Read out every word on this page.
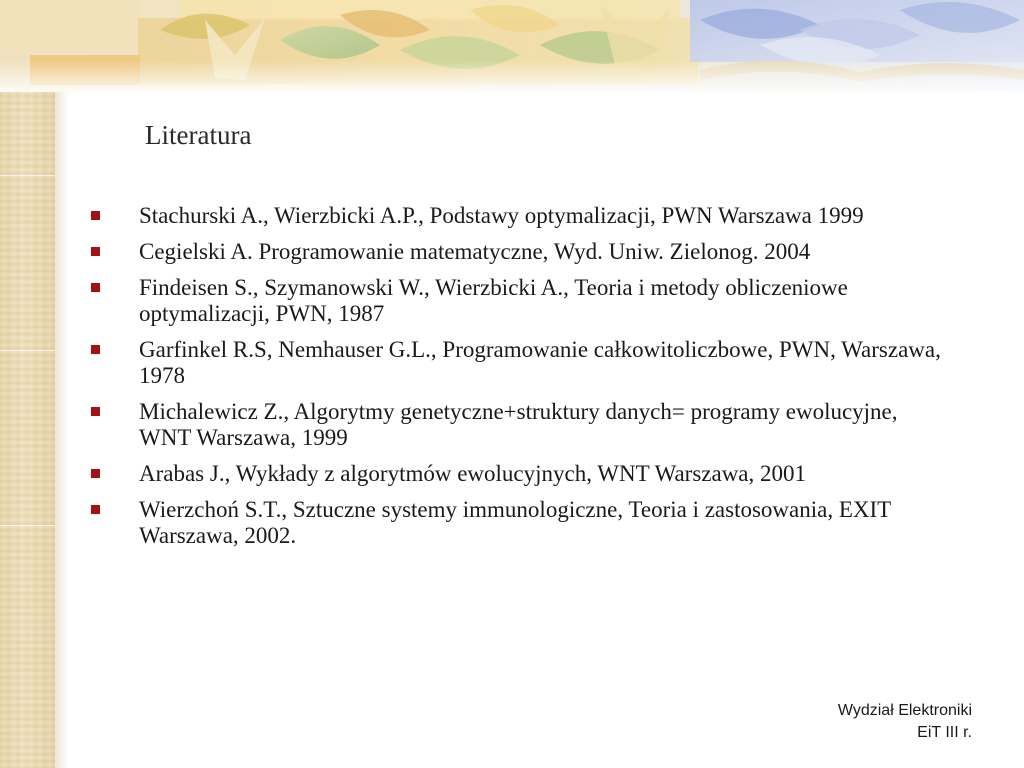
Literatura
Stachurski A., Wierzbicki A.P., Podstawy optymalizacji, PWN Warszawa 1999
Cegielski A. Programowanie matematyczne, Wyd. Uniw. Zielonog. 2004
Findeisen S., Szymanowski W., Wierzbicki A., Teoria i metody obliczeniowe optymalizacji, PWN, 1987
Garfinkel R.S, Nemhauser G.L., Programowanie całkowitoliczbowe, PWN, Warszawa, 1978
Michalewicz Z., Algorytmy genetyczne+struktury danych= programy ewolucyjne, WNT Warszawa, 1999
Arabas J., Wykłady z algorytmów ewolucyjnych, WNT Warszawa, 2001
Wierzchoń S.T., Sztuczne systemy immunologiczne, Teoria i zastosowania, EXIT Warszawa, 2002.
Wydział Elektroniki
EiT III r.
